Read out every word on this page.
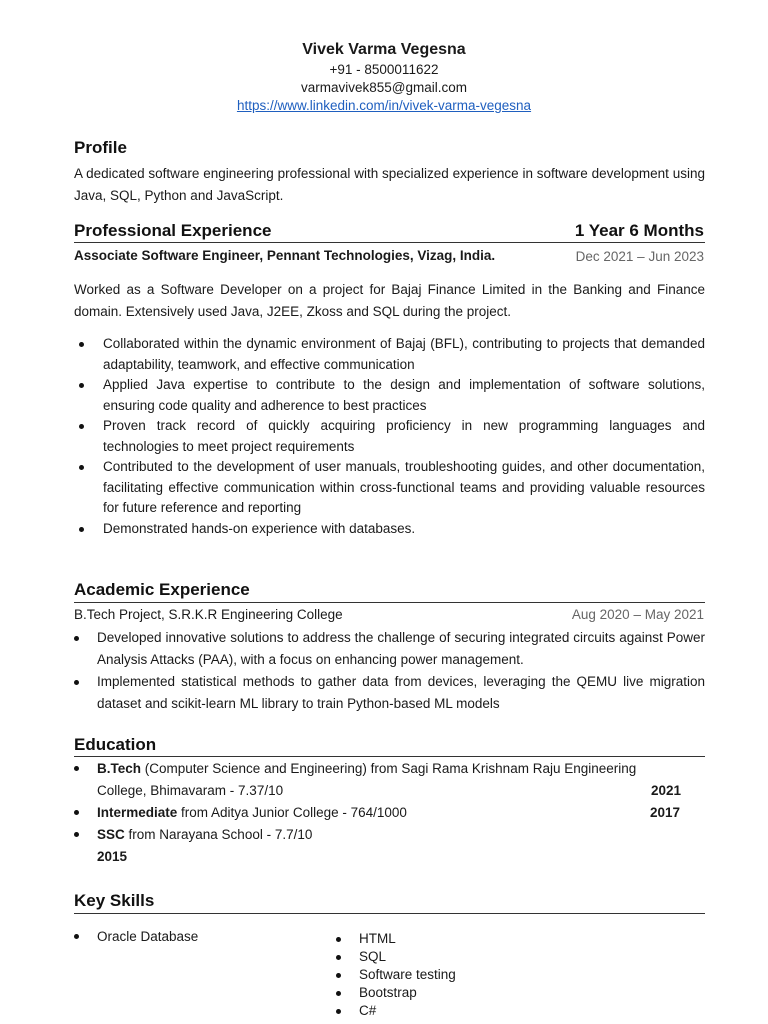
Vivek Varma Vegesna
+91 - 8500011622
varmavivek855@gmail.com
https://www.linkedin.com/in/vivek-varma-vegesna
Profile
A dedicated software engineering professional with specialized experience in software development using Java, SQL, Python and JavaScript.
Professional Experience	1 Year 6 Months
Associate Software Engineer, Pennant Technologies, Vizag, India.	Dec 2021 – Jun 2023
Worked as a Software Developer on a project for Bajaj Finance Limited in the Banking and Finance domain. Extensively used Java, J2EE, Zkoss and SQL during the project.
Collaborated within the dynamic environment of Bajaj (BFL), contributing to projects that demanded adaptability, teamwork, and effective communication
Applied Java expertise to contribute to the design and implementation of software solutions, ensuring code quality and adherence to best practices
Proven track record of quickly acquiring proficiency in new programming languages and technologies to meet project requirements
Contributed to the development of user manuals, troubleshooting guides, and other documentation, facilitating effective communication within cross-functional teams and providing valuable resources for future reference and reporting
Demonstrated hands-on experience with databases.
Academic Experience
B.Tech Project, S.R.K.R Engineering College	Aug 2020 – May 2021
Developed innovative solutions to address the challenge of securing integrated circuits against Power Analysis Attacks (PAA), with a focus on enhancing power management.
Implemented statistical methods to gather data from devices, leveraging the QEMU live migration dataset and scikit-learn ML library to train Python-based ML models
Education
B.Tech (Computer Science and Engineering) from Sagi Rama Krishnam Raju Engineering
College, Bhimavaram - 7.37/10	2021
Intermediate from Aditya Junior College - 764/1000	2017
SSC from Narayana School - 7.7/10
2015
Key Skills
Oracle Database	HTML
SQL
Software testing
Bootstrap
C#
